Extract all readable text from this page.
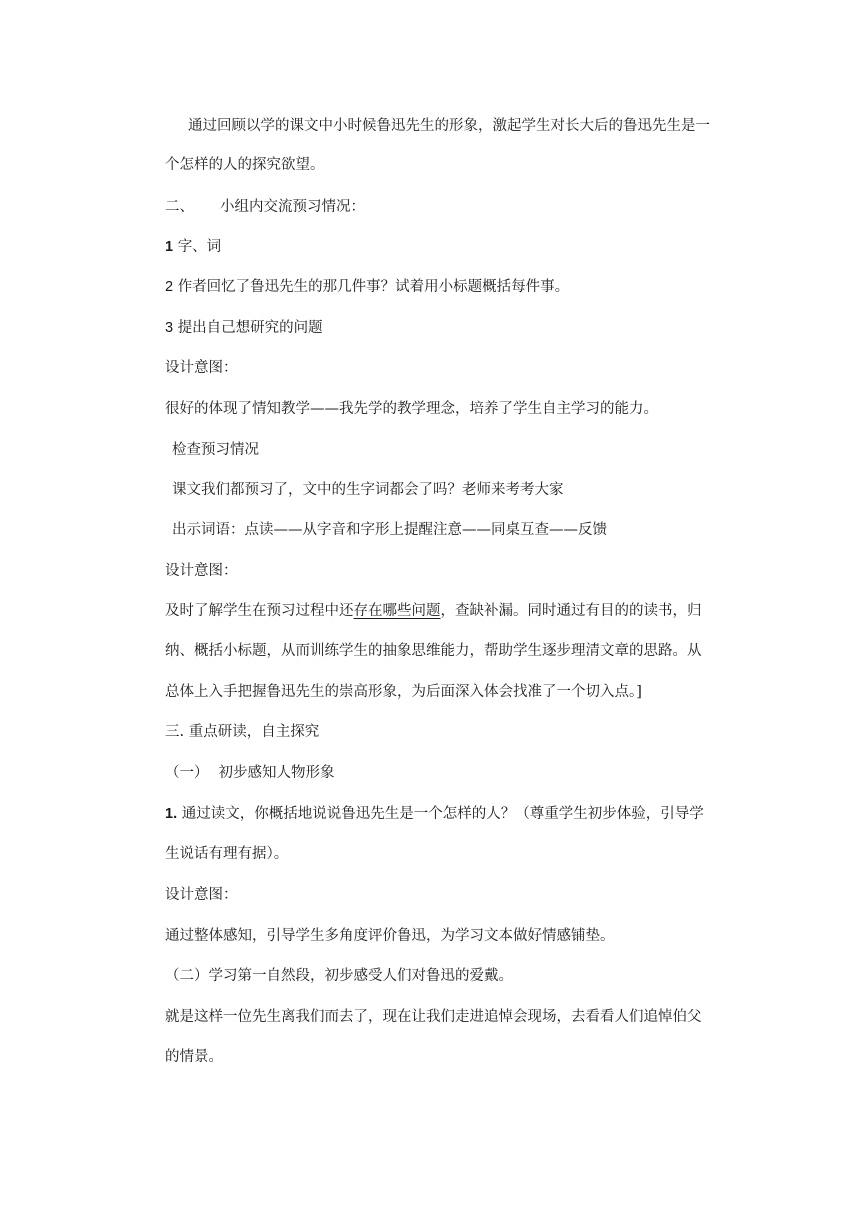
通过回顾以学的课文中小时候鲁迅先生的形象，激起学生对长大后的鲁迅先生是一
个怎样的人的探究欲望。
二、 小组内交流预习情况：
1 字、词
2 作者回忆了鲁迅先生的那几件事？试着用小标题概括每件事。
3 提出自己想研究的问题
设计意图：
很好的体现了情知教学——我先学的教学理念，培养了学生自主学习的能力。
检查预习情况
课文我们都预习了，文中的生字词都会了吗？老师来考考大家
出示词语：点读——从字音和字形上提醒注意——同桌互查——反馈
设计意图：
及时了解学生在预习过程中还存在哪些问题，查缺补漏。同时通过有目的的读书，归
纳、概括小标题，从而训练学生的抽象思维能力，帮助学生逐步理清文章的思路。从
总体上入手把握鲁迅先生的崇高形象，为后面深入体会找准了一个切入点。]
三. 重点研读，自主探究
（一） 初步感知人物形象
1. 通过读文，你概括地说说鲁迅先生是一个怎样的人？（尊重学生初步体验，引导学
生说话有理有据）。
设计意图：
通过整体感知，引导学生多角度评价鲁迅，为学习文本做好情感铺垫。
（二）学习第一自然段，初步感受人们对鲁迅的爱戴。
就是这样一位先生离我们而去了，现在让我们走进追悼会现场，去看看人们追悼伯父
的情景。
